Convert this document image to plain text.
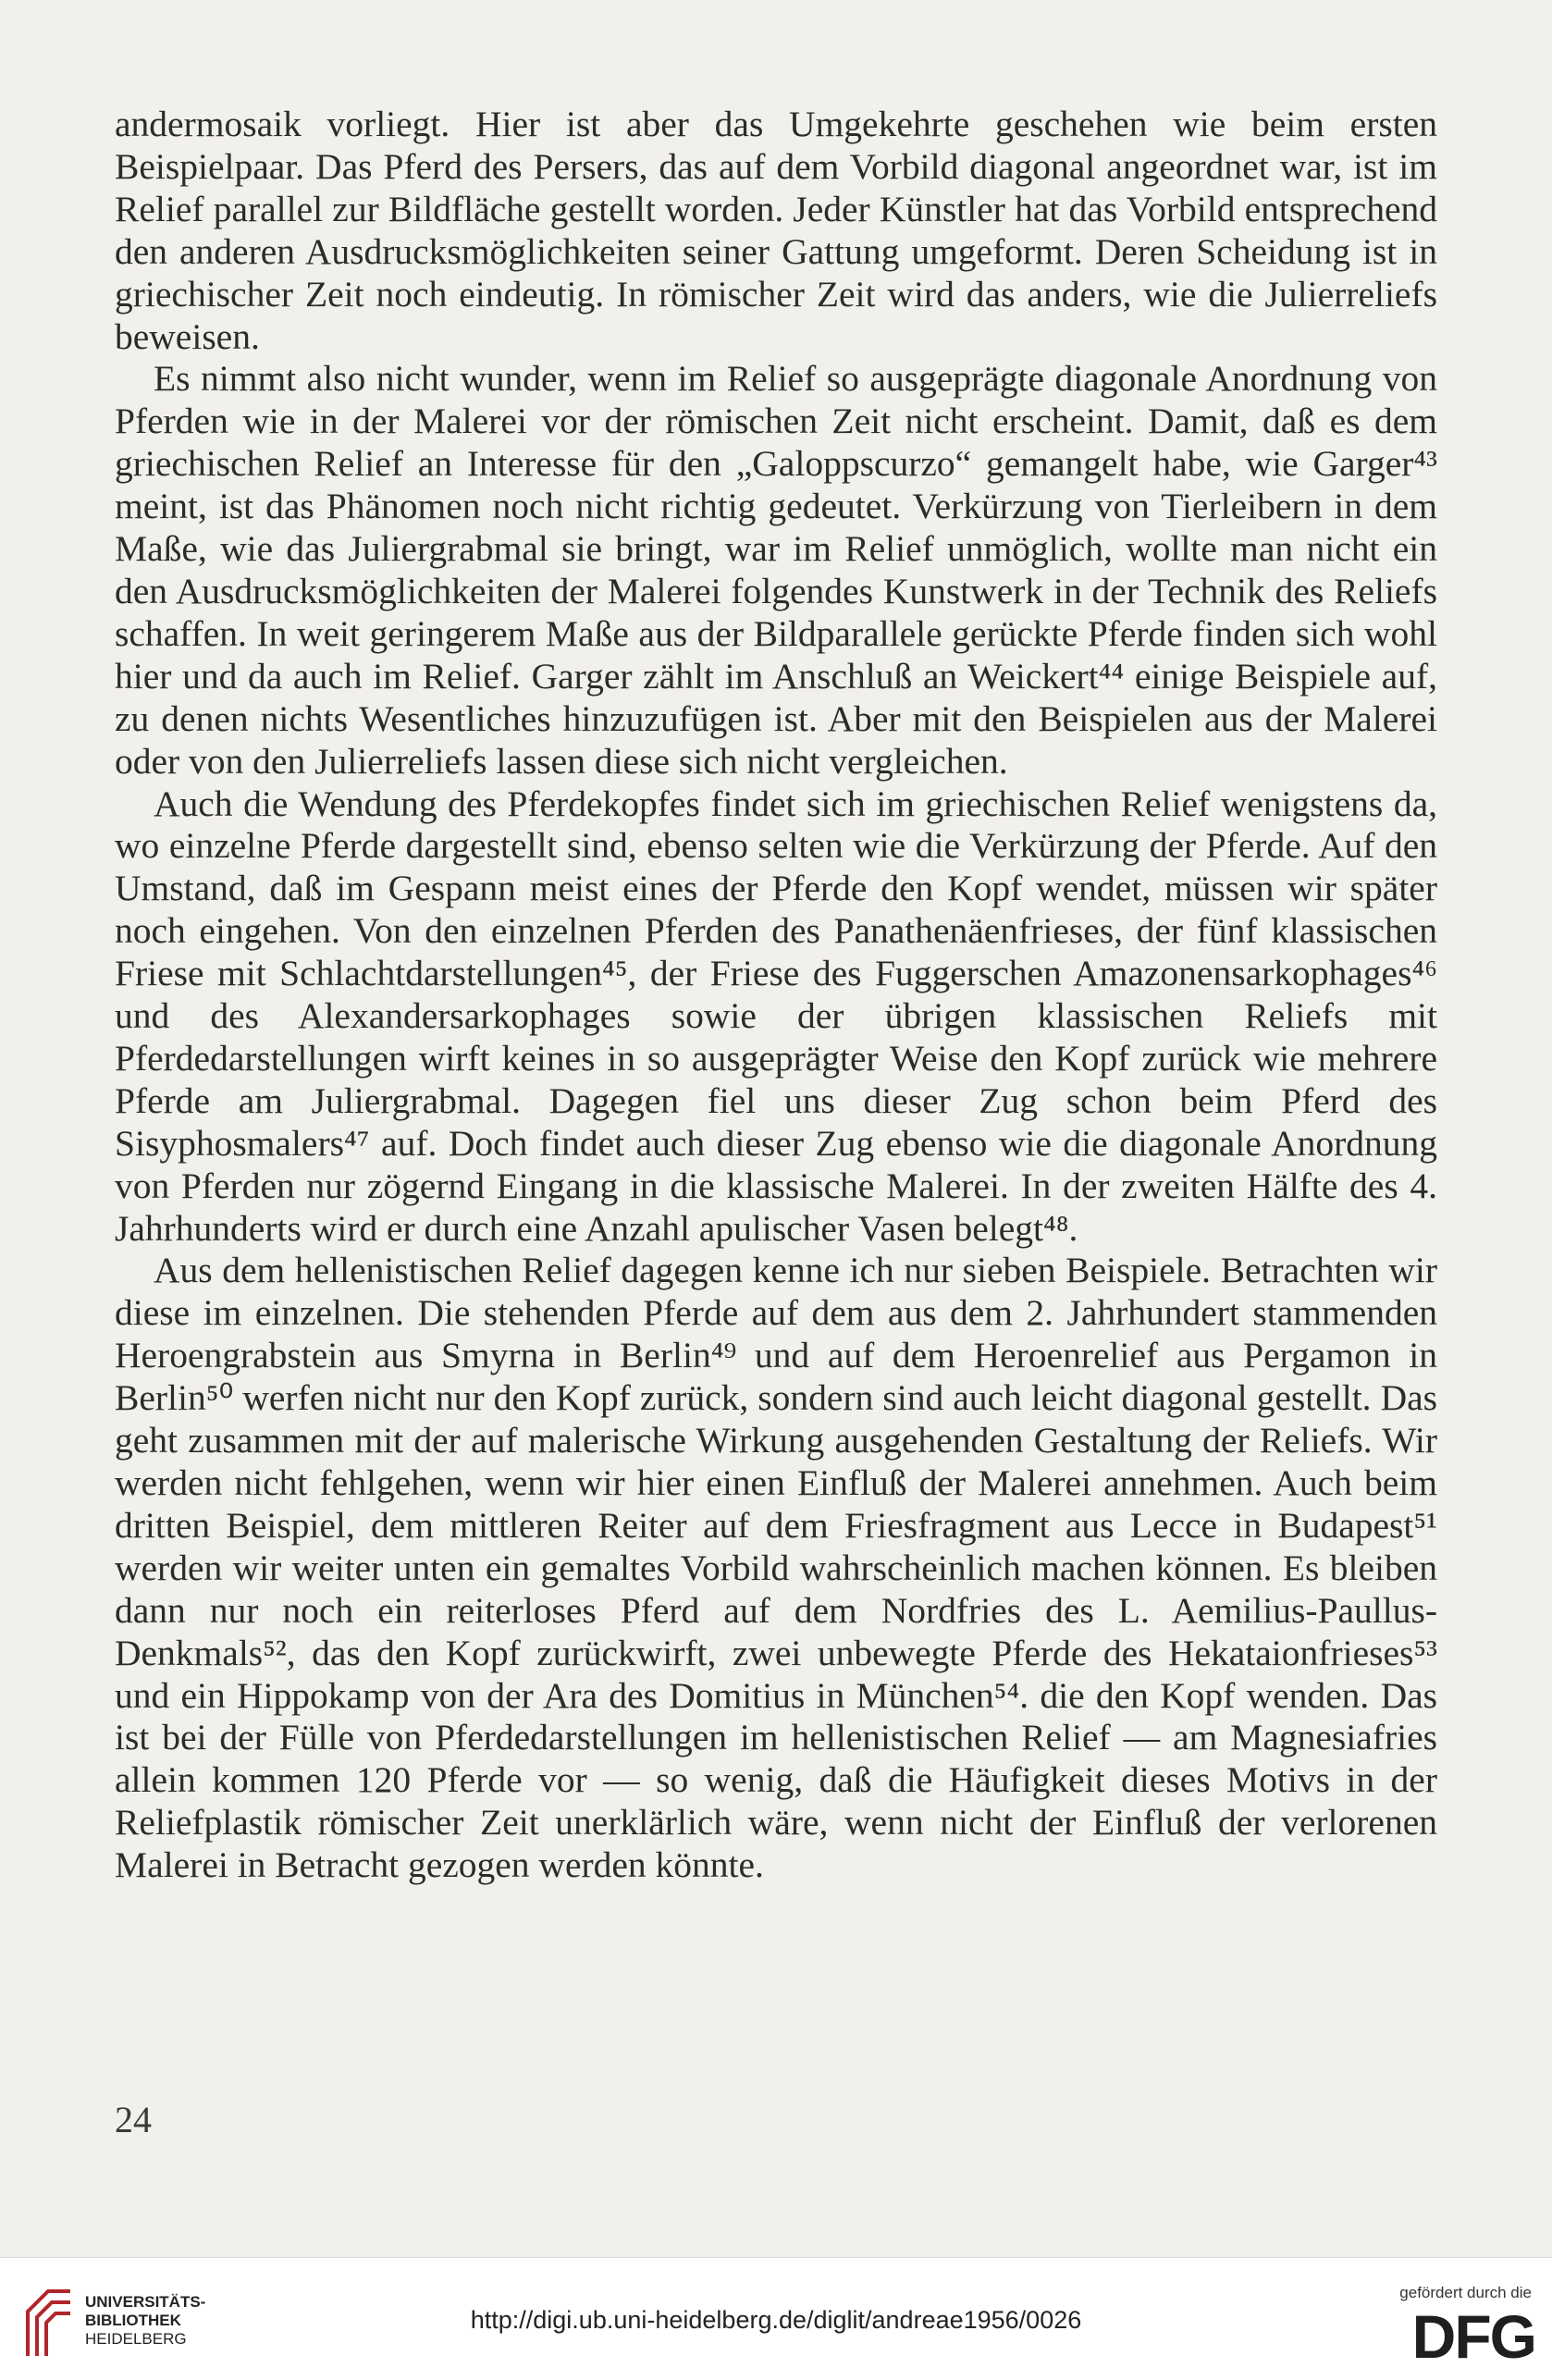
andermosaik vorliegt. Hier ist aber das Umgekehrte geschehen wie beim ersten Beispielpaar. Das Pferd des Persers, das auf dem Vorbild diagonal angeordnet war, ist im Relief parallel zur Bildfläche gestellt worden. Jeder Künstler hat das Vorbild entsprechend den anderen Ausdrucksmöglichkeiten seiner Gattung umgeformt. Deren Scheidung ist in griechischer Zeit noch eindeutig. In römischer Zeit wird das anders, wie die Julierreliefs beweisen.

Es nimmt also nicht wunder, wenn im Relief so ausgeprägte diagonale Anordnung von Pferden wie in der Malerei vor der römischen Zeit nicht erscheint. Damit, daß es dem griechischen Relief an Interesse für den „Galoppscurzo“ gemangelt habe, wie Garger⁴³ meint, ist das Phänomen noch nicht richtig gedeutet. Verkürzung von Tierleibern in dem Maße, wie das Juliergrabmal sie bringt, war im Relief unmöglich, wollte man nicht ein den Ausdrucksmöglichkeiten der Malerei folgendes Kunstwerk in der Technik des Reliefs schaffen. In weit geringerem Maße aus der Bildparallele gerückte Pferde finden sich wohl hier und da auch im Relief. Garger zählt im Anschluß an Weickert⁴⁴ einige Beispiele auf, zu denen nichts Wesentliches hinzuzufügen ist. Aber mit den Beispielen aus der Malerei oder von den Julierreliefs lassen diese sich nicht vergleichen.

Auch die Wendung des Pferdekopfes findet sich im griechischen Relief wenigstens da, wo einzelne Pferde dargestellt sind, ebenso selten wie die Verkürzung der Pferde. Auf den Umstand, daß im Gespann meist eines der Pferde den Kopf wendet, müssen wir später noch eingehen. Von den einzelnen Pferden des Panathenäenfrieses, der fünf klassischen Friese mit Schlachtdarstellungen⁴⁵, der Friese des Fuggerschen Amazonensarkophages⁴⁶ und des Alexandersarkophages sowie der übrigen klassischen Reliefs mit Pferdedarstellungen wirft keines in so ausgeprägter Weise den Kopf zurück wie mehrere Pferde am Juliergrabmal. Dagegen fiel uns dieser Zug schon beim Pferd des Sisyphosmalers⁴⁷ auf. Doch findet auch dieser Zug ebenso wie die diagonale Anordnung von Pferden nur zögernd Eingang in die klassische Malerei. In der zweiten Hälfte des 4. Jahrhunderts wird er durch eine Anzahl apulischer Vasen belegt⁴⁸.

Aus dem hellenistischen Relief dagegen kenne ich nur sieben Beispiele. Betrachten wir diese im einzelnen. Die stehenden Pferde auf dem aus dem 2. Jahrhundert stammenden Heroengrabstein aus Smyrna in Berlin⁴⁹ und auf dem Heroenrelief aus Pergamon in Berlin⁵⁰ werfen nicht nur den Kopf zurück, sondern sind auch leicht diagonal gestellt. Das geht zusammen mit der auf malerische Wirkung ausgehenden Gestaltung der Reliefs. Wir werden nicht fehlgehen, wenn wir hier einen Einfluß der Malerei annehmen. Auch beim dritten Beispiel, dem mittleren Reiter auf dem Friesfragment aus Lecce in Budapest⁵¹ werden wir weiter unten ein gemaltes Vorbild wahrscheinlich machen können. Es bleiben dann nur noch ein reiterloses Pferd auf dem Nordfries des L. Aemilius-Paullus-Denkmals⁵², das den Kopf zurückwirft, zwei unbewegte Pferde des Hekataionfrieses⁵³ und ein Hippokamp von der Ara des Domitius in München⁵⁴. die den Kopf wenden. Das ist bei der Fülle von Pferdedarstellungen im hellenistischen Relief — am Magnesiafries allein kommen 120 Pferde vor — so wenig, daß die Häufigkeit dieses Motivs in der Reliefplastik römischer Zeit unerklärlich wäre, wenn nicht der Einfluß der verlorenen Malerei in Betracht gezogen werden könnte.

24
UNIVERSITÄTS-
BIBLIOTHEK
HEIDELBERG
http://digi.ub.uni-heidelberg.de/diglit/andreae1956/0026
gefördert durch die
DFG
